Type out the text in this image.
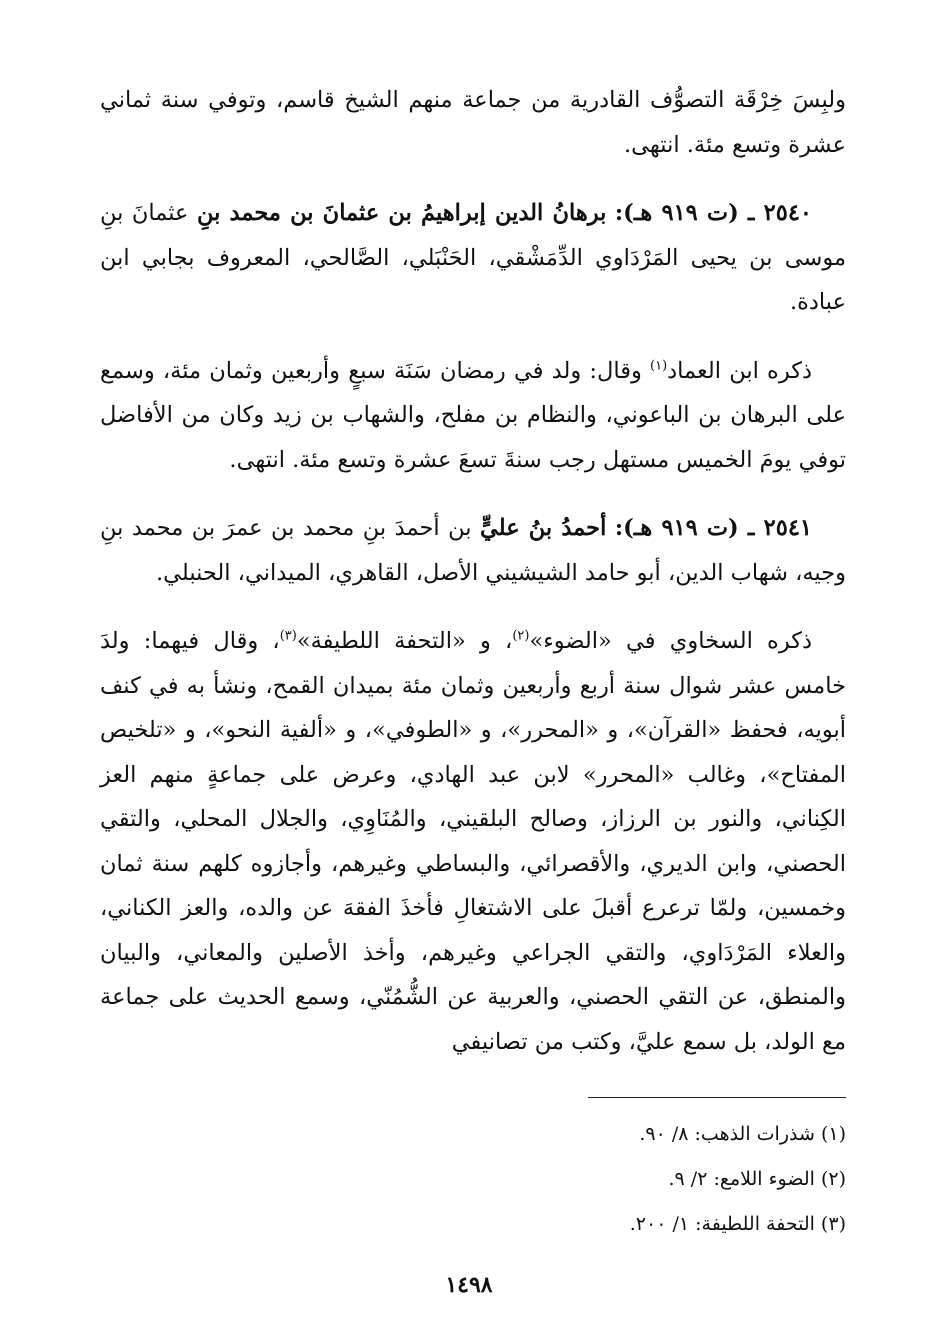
ولبِسَ خِرْقَة التصوُّف القادرية من جماعة منهم الشيخ قاسم، وتوفي سنة ثماني عشرة وتسع مئة. انتهى.

٢٥٤٠ ـ (ت ٩١٩ هـ): برهانُ الدين إبراهيمُ بن عثمانَ بن محمد بنِ عثمانَ بنِ موسى بن يحيى المَرْدَاوي الدِّمَشْقي، الحَنْبَلي، الصَّالحي، المعروف بجابي ابن عبادة.

ذكره ابن العماد$^{(١)}$ وقال: ولد في رمضان سَنَة سبعٍ وأربعين وثمان مئة، وسمع على البرهان بن الباعوني، والنظام بن مفلح، والشهاب بن زيد وكان من الأفاضل توفي يومَ الخميس مستهل رجب سنةَ تسعَ عشرة وتسع مئة. انتهى.

٢٥٤١ ـ (ت ٩١٩ هـ): أحمدُ بنُ عليٍّ بن أحمدَ بنِ محمد بن عمرَ بن محمد بنِ وجيه، شهاب الدين، أبو حامد الشيشيني الأصل، القاهري، الميداني، الحنبلي.

ذكره السخاوي في «الضوء»$^{(٢)}$، و «التحفة اللطيفة»$^{(٣)}$، وقال فيهما: ولدَ خامس عشر شوال سنة أربع وأربعين وثمان مئة بميدان القمح، ونشأ به في كنف أبويه، فحفظ «القرآن»، و «المحرر»، و «الطوفي»، و «ألفية النحو»، و «تلخيص المفتاح»، وغالب «المحرر» لابن عبد الهادي، وعرض على جماعةٍ منهم العز الكِناني، والنور بن الرزاز، وصالح البلقيني، والمُنَاوِي، والجلال المحلي، والتقي الحصني، وابن الديري، والأقصرائي، والبساطي وغيرهم، وأجازوه كلهم سنة ثمان وخمسين، ولمّا ترعرع أقبلَ على الاشتغالِ فأخذَ الفقهَ عن والده، والعز الكناني، والعلاء المَرْدَاوي، والتقي الجراعي وغيرهم، وأخذ الأصلين والمعاني، والبيان والمنطق، عن التقي الحصني، والعربية عن الشُّمُنّي، وسمع الحديث على جماعة مع الولد، بل سمع عليَّ، وكتب من تصانيفي

(١) شذرات الذهب: ٨/ ٩٠.
(٢) الضوء اللامع: ٢/ ٩.
(٣) التحفة اللطيفة: ١/ ٢٠٠.
١٤٩٨
